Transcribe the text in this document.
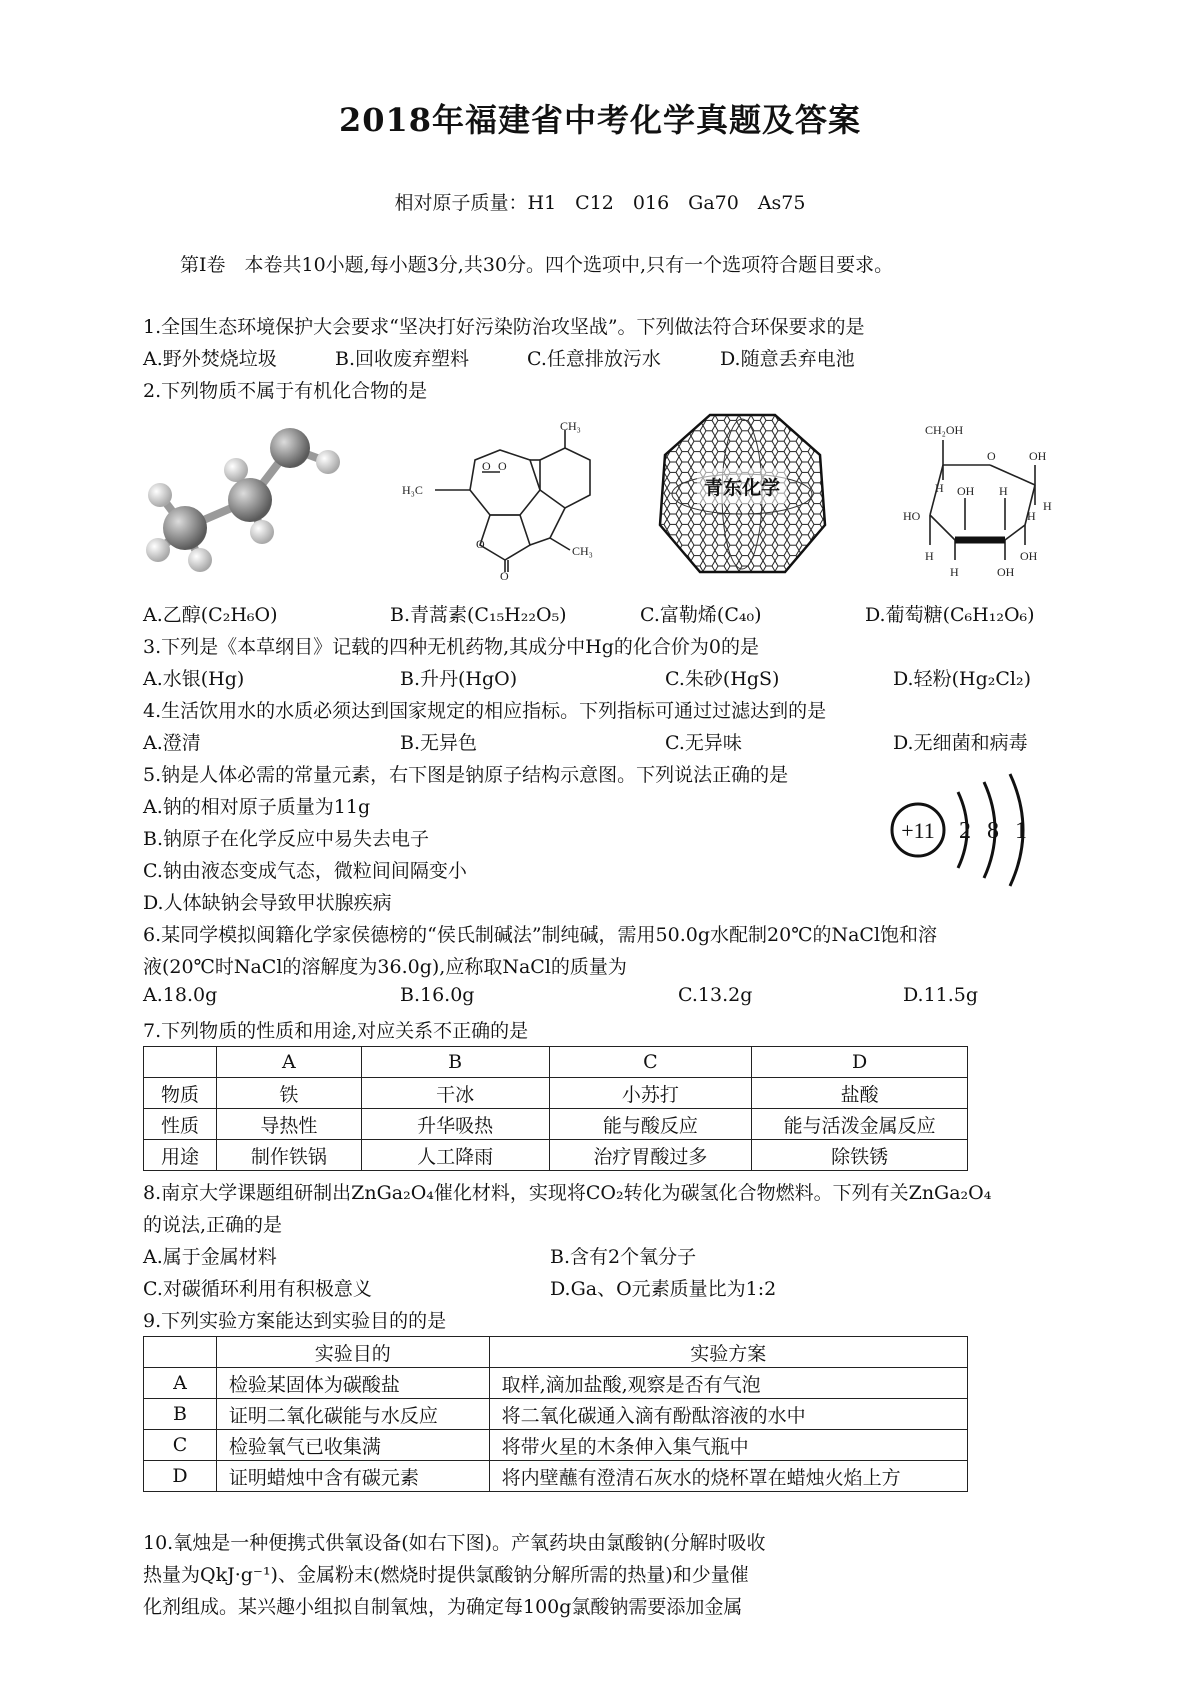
2018年福建省中考化学真题及答案
相对原子质量：H1　C12　016　Ga70　As75
第Ⅰ卷　本卷共10小题,每小题3分,共30分。四个选项中,只有一个选项符合题目要求。
1.全国生态环境保护大会要求“坚决打好污染防治攻坚战”。下列做法符合环保要求的是
A.野外焚烧垃圾	B.回收废弃塑料	C.任意排放污水	D.随意丢弃电池
2.下列物质不属于有机化合物的是
CH₃
H₃C
O O
O
O
CH₃
青东化学
CH₂OH
O
H
OH
H
OH H
HO	H
H	OH
H	OH
A.乙醇(C₂H₆O)	B.青蒿素(C₁₅H₂₂O₅)	C.富勒烯(C₄₀)	D.葡萄糖(C₆H₁₂O₆)
3.下列是《本草纲目》记载的四种无机药物,其成分中Hg的化合价为0的是
A.水银(Hg)	B.升丹(HgO)	C.朱砂(HgS)	D.轻粉(Hg₂Cl₂)
4.生活饮用水的水质必须达到国家规定的相应指标。下列指标可通过过滤达到的是
A.澄清	B.无异色	C.无异味	D.无细菌和病毒
5.钠是人体必需的常量元素，右下图是钠原子结构示意图。下列说法正确的是
A.钠的相对原子质量为11g
B.钠原子在化学反应中易失去电子
C.钠由液态变成气态，微粒间间隔变小
D.人体缺钠会导致甲状腺疾病
+11 2 8 1
6.某同学模拟闽籍化学家侯德榜的“侯氏制碱法”制纯碱，需用50.0g水配制20℃的NaCl饱和溶
液(20℃时NaCl的溶解度为36.0g),应称取NaCl的质量为
A.18.0g	B.16.0g	C.13.2g	D.11.5g
7.下列物质的性质和用途,对应关系不正确的是
	A	B	C	D
物质	铁	干冰	小苏打	盐酸
性质	导热性	升华吸热	能与酸反应	能与活泼金属反应
用途	制作铁锅	人工降雨	治疗胃酸过多	除铁锈
8.南京大学课题组研制出ZnGa₂O₄催化材料，实现将CO₂转化为碳氢化合物燃料。下列有关ZnGa₂O₄
的说法,正确的是
A.属于金属材料	B.含有2个氧分子
C.对碳循环利用有积极意义	D.Ga、O元素质量比为1:2
9.下列实验方案能达到实验目的的是
	实验目的	实验方案
A	检验某固体为碳酸盐	取样,滴加盐酸,观察是否有气泡
B	证明二氧化碳能与水反应	将二氧化碳通入滴有酚酞溶液的水中
C	检验氧气已收集满	将带火星的木条伸入集气瓶中
D	证明蜡烛中含有碳元素	将内壁蘸有澄清石灰水的烧杯罩在蜡烛火焰上方
10.氧烛是一种便携式供氧设备(如右下图)。产氧药块由氯酸钠(分解时吸收
热量为QkJ·g⁻¹)、金属粉末(燃烧时提供氯酸钠分解所需的热量)和少量催
化剂组成。某兴趣小组拟自制氧烛，为确定每100g氯酸钠需要添加金属
